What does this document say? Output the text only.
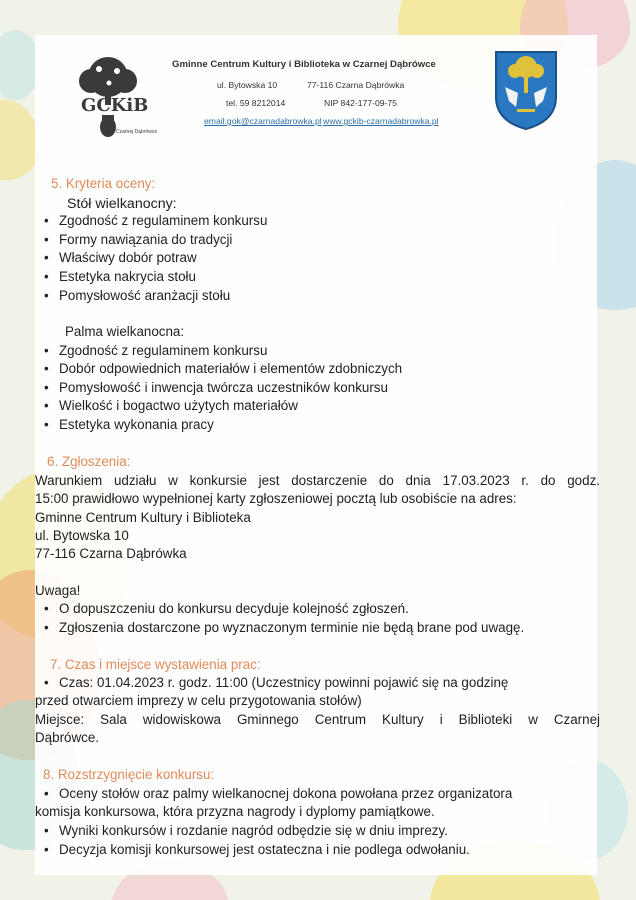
GCKiB
w Czarnej Dąbrówce
Gminne Centrum Kultury i Biblioteka w Czarnej Dąbrówce
ul. Bytowska 10	77-116 Czarna Dąbrówka
tel. 59 8212014	NIP 842-177-09-75
email:gok@czarnadabrowka.pl www.gckib-czarnadabrowka.pl
5. Kryteria oceny:
Stół wielkanocny:
• Zgodność z regulaminem konkursu
• Formy nawiązania do tradycji
• Właściwy dobór potraw
• Estetyka nakrycia stołu
• Pomysłowość aranżacji stołu
Palma wielkanocna:
• Zgodność z regulaminem konkursu
• Dobór odpowiednich materiałów i elementów zdobniczych
• Pomysłowość i inwencja twórcza uczestników konkursu
• Wielkość i bogactwo użytych materiałów
• Estetyka wykonania pracy
6. Zgłoszenia:
Warunkiem udziału w konkursie jest dostarczenie do dnia 17.03.2023 r. do godz.
15:00 prawidłowo wypełnionej karty zgłoszeniowej pocztą lub osobiście na adres:
Gminne Centrum Kultury i Biblioteka
ul. Bytowska 10
77-116 Czarna Dąbrówka
Uwaga!
• O dopuszczeniu do konkursu decyduje kolejność zgłoszeń.
• Zgłoszenia dostarczone po wyznaczonym terminie nie będą brane pod uwagę.
7. Czas i miejsce wystawienia prac:
• Czas: 01.04.2023 r. godz. 11:00 (Uczestnicy powinni pojawić się na godzinę
przed otwarciem imprezy w celu przygotowania stołów)
Miejsce: Sala widowiskowa Gminnego Centrum Kultury i Biblioteki w Czarnej
Dąbrówce.
8. Rozstrzygnięcie konkursu:
• Oceny stołów oraz palmy wielkanocnej dokona powołana przez organizatora
komisja konkursowa, która przyzna nagrody i dyplomy pamiątkowe.
• Wyniki konkursów i rozdanie nagród odbędzie się w dniu imprezy.
• Decyzja komisji konkursowej jest ostateczna i nie podlega odwołaniu.
